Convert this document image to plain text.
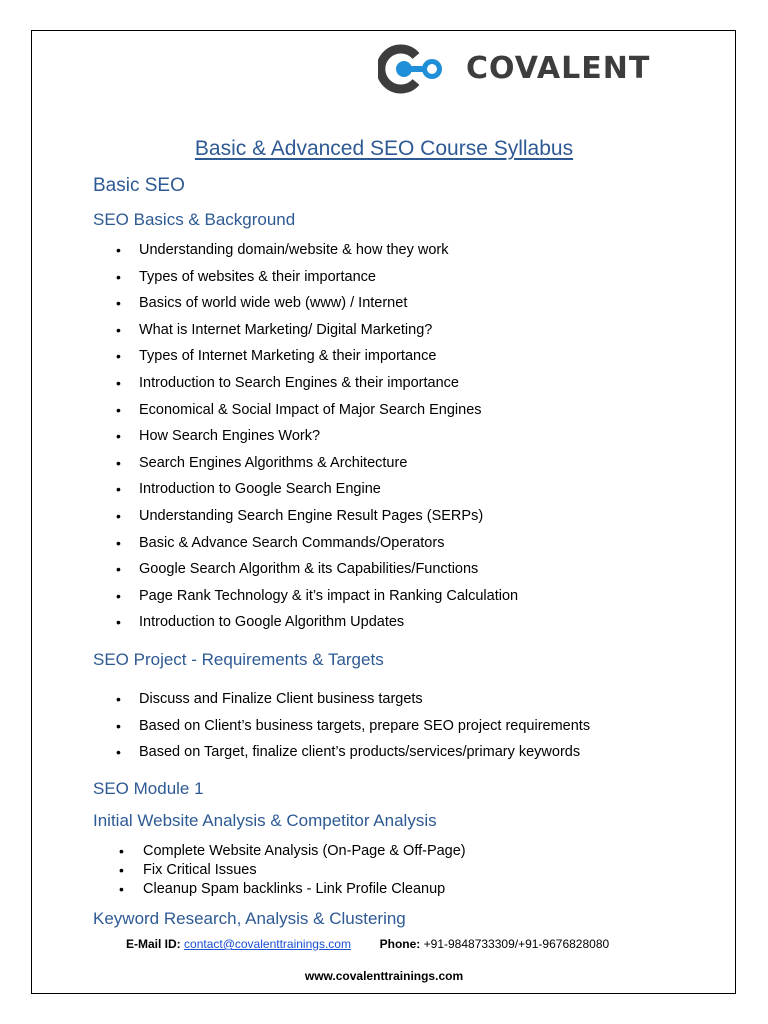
COVALENT
Basic & Advanced SEO Course Syllabus
Basic SEO
SEO Basics & Background
• Understanding domain/website & how they work
• Types of websites & their importance
• Basics of world wide web (www) / Internet
• What is Internet Marketing/ Digital Marketing?
• Types of Internet Marketing & their importance
• Introduction to Search Engines & their importance
• Economical & Social Impact of Major Search Engines
• How Search Engines Work?
• Search Engines Algorithms & Architecture
• Introduction to Google Search Engine
• Understanding Search Engine Result Pages (SERPs)
• Basic & Advance Search Commands/Operators
• Google Search Algorithm & its Capabilities/Functions
• Page Rank Technology & it’s impact in Ranking Calculation
• Introduction to Google Algorithm Updates
SEO Project - Requirements & Targets
• Discuss and Finalize Client business targets
• Based on Client’s business targets, prepare SEO project requirements
• Based on Target, finalize client’s products/services/primary keywords
SEO Module 1
Initial Website Analysis & Competitor Analysis
• Complete Website Analysis (On-Page & Off-Page)
• Fix Critical Issues
• Cleanup Spam backlinks - Link Profile Cleanup
Keyword Research, Analysis & Clustering
E-Mail ID: contact@covalenttrainings.com Phone: +91-9848733309/+91-9676828080
www.covalenttrainings.com
